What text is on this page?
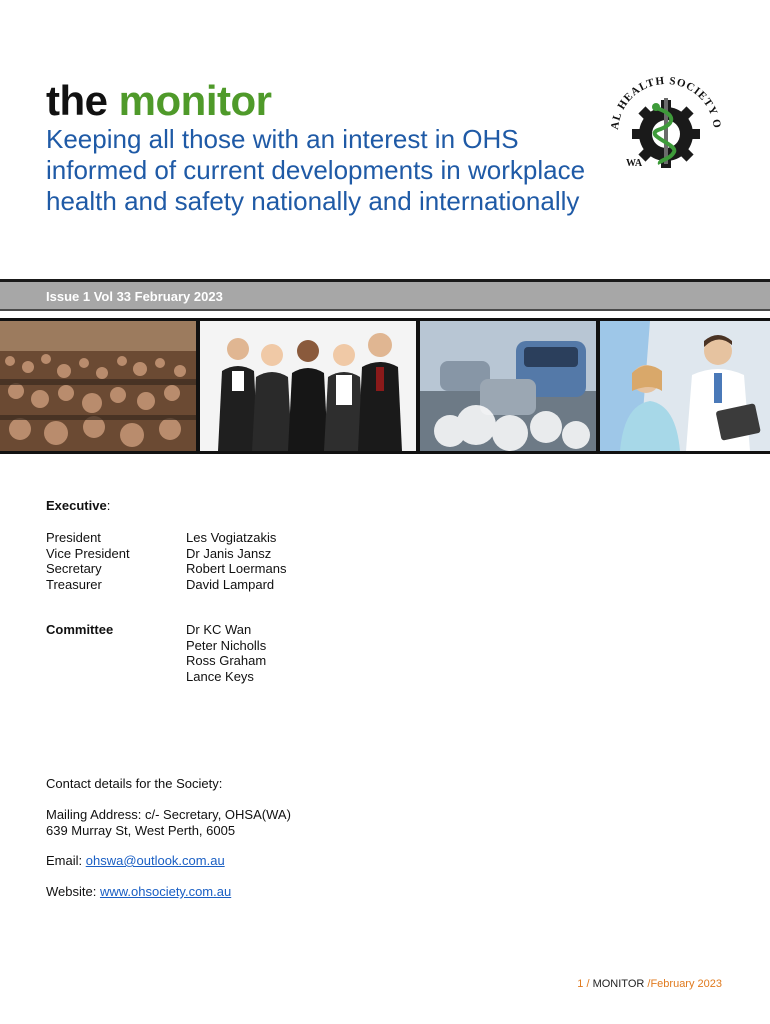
the monitor

Keeping all those with an interest in OHS informed of current developments in workplace health and safety nationally and internationally

AL HEALTH SOCIETY O
WA
Issue 1 Vol 33 February 2023
Executive:

President

Vice President

Secretary

Treasurer

Les Vogiatzakis

Dr Janis Jansz

Robert Loermans

David Lampard

Committee	Dr KC Wan

Peter Nicholls

Ross Graham

Lance Keys

Contact details for the Society:

Mailing Address: c/- Secretary, OHSA(WA)

639 Murray St, West Perth, 6005

Email: ohswa@outlook.com.au
Website: www.ohsociety.com.au
1 / MONITOR /February 2023
